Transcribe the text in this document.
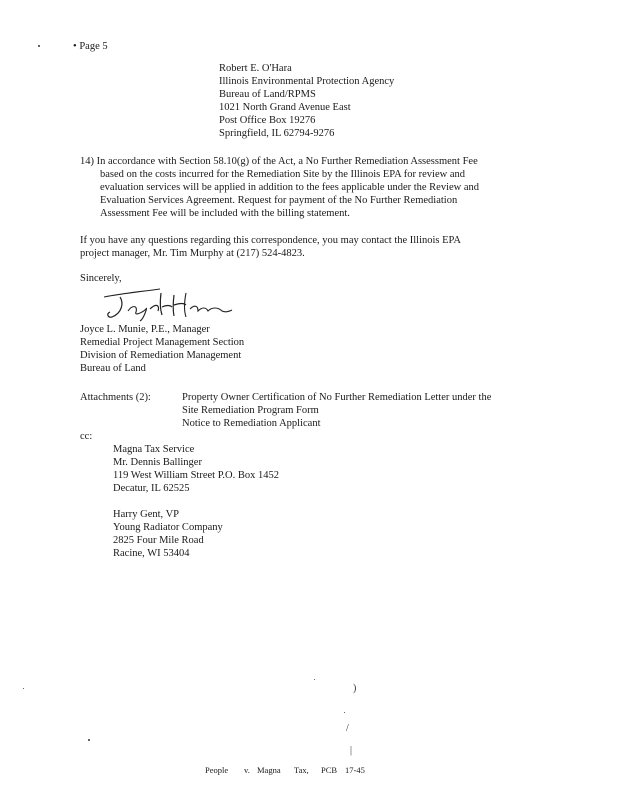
• Page 5
Robert E. O'Hara
Illinois Environmental Protection Agency
Bureau of Land/RPMS
1021 North Grand Avenue East
Post Office Box 19276
Springfield, IL 62794-9276
14) In accordance with Section 58.10(g) of the Act, a No Further Remediation Assessment Fee
based on the costs incurred for the Remediation Site by the Illinois EPA for review and
evaluation services will be applied in addition to the fees applicable under the Review and
Evaluation Services Agreement. Request for payment of the No Further Remediation
Assessment Fee will be included with the billing statement.
If you have any questions regarding this correspondence, you may contact the Illinois EPA
project manager, Mr. Tim Murphy at (217) 524-4823.
Sincerely,
Joyce L. Munie, P.E., Manager
Remedial Project Management Section
Division of Remediation Management
Bureau of Land
Attachments (2):	Property Owner Certification of No Further Remediation Letter under the
Site Remediation Program Form
Notice to Remediation Applicant
cc:
Magna Tax Service
Mr. Dennis Ballinger
119 West William Street P.O. Box 1452
Decatur, IL 62525
Harry Gent, VP
Young Radiator Company
2825 Four Mile Road
Racine, WI 53404
)
/
|
People v. Magna Tax, PCB 17-45
